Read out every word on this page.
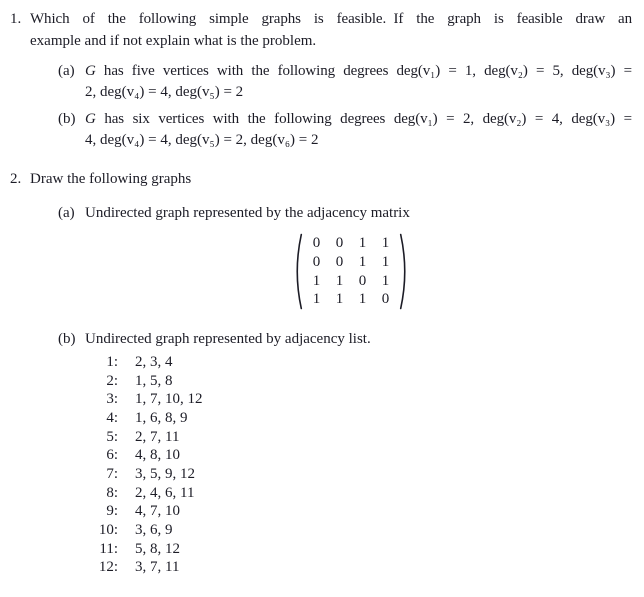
1. Which of the following simple graphs is feasible. If the graph is feasible draw an
example and if not explain what is the problem.
(a) G has five vertices with the following degrees deg(v₁) = 1, deg(v₂) = 5, deg(v₃) =
2, deg(v₄) = 4, deg(v₅) = 2
(b) G has six vertices with the following degrees deg(v₁) = 2, deg(v₂) = 4, deg(v₃) =
4, deg(v₄) = 4, deg(v₅) = 2, deg(v₆) = 2
2. Draw the following graphs
(a) Undirected graph represented by the adjacency matrix
0	0	1	1
0	0	1	1
1	1	0	1
1	1	1	0
(b) Undirected graph represented by adjacency list.
1: 2, 3, 4
2: 1, 5, 8
3: 1, 7, 10, 12
4: 1, 6, 8, 9
5: 2, 7, 11
6: 4, 8, 10
7: 3, 5, 9, 12
8: 2, 4, 6, 11
9: 4, 7, 10
10: 3, 6, 9
11: 5, 8, 12
12: 3, 7, 11
